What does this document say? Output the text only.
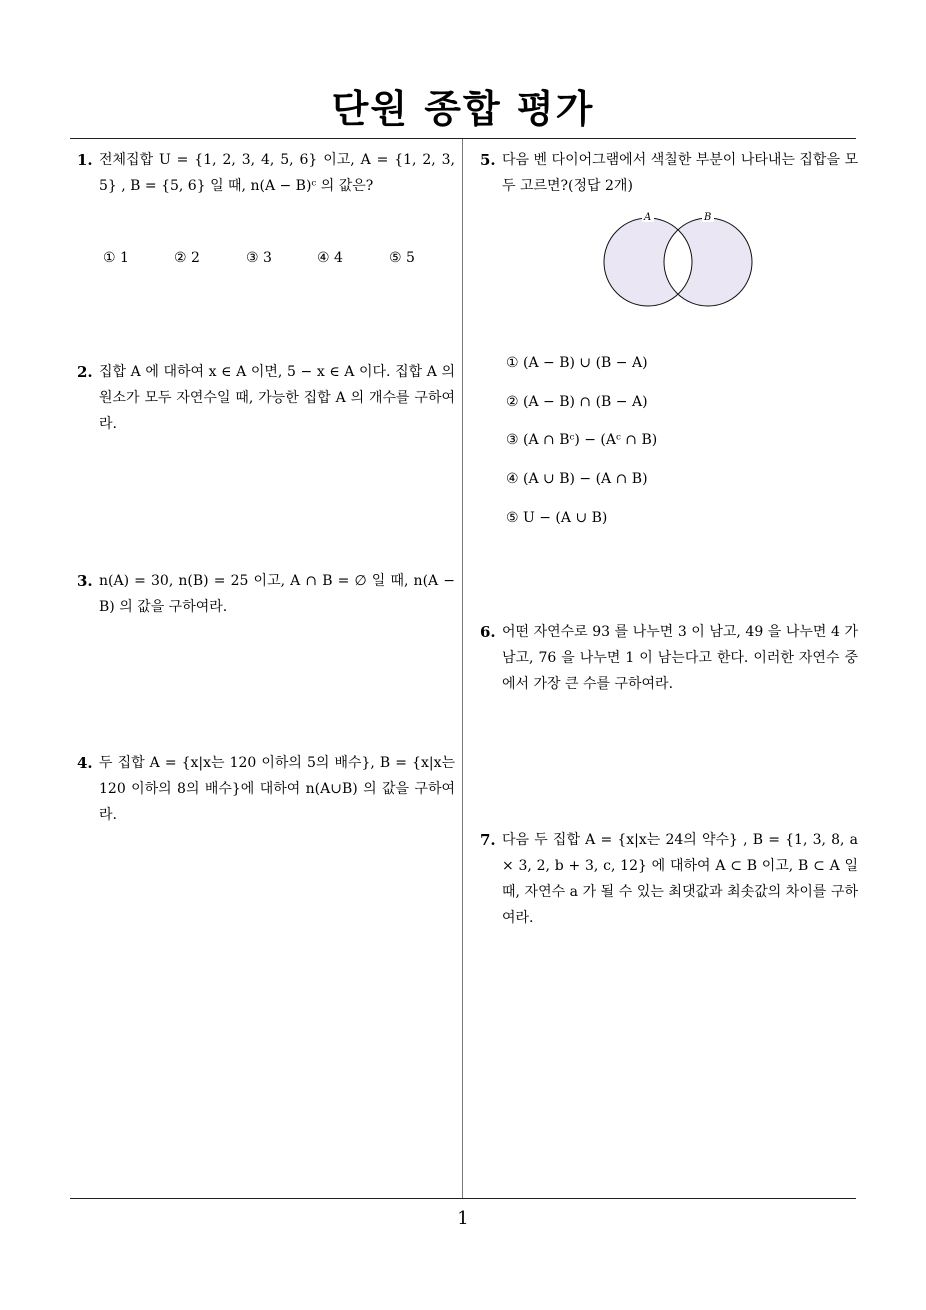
단원 종합 평가
1. 전체집합 U = {1, 2, 3, 4, 5, 6} 이고, A = {1, 2, 3, 5} , B = {5, 6} 일 때, n(A − B)ᶜ 의 값은?
① 1	② 2	③ 3	④ 4	⑤ 5
2. 집합 A 에 대하여 x ∈ A 이면, 5 − x ∈ A 이다. 집합 A 의 원소가 모두 자연수일 때, 가능한 집합 A 의 개수를 구하여라.
3. n(A) = 30, n(B) = 25 이고, A ∩ B = ∅ 일 때, n(A − B) 의 값을 구하여라.
4. 두 집합 A = {x|x는 120 이하의 5의 배수}, B = {x|x는 120 이하의 8의 배수}에 대하여 n(A∪B) 의 값을 구하여라.
5. 다음 벤 다이어그램에서 색칠한 부분이 나타내는 집합을 모두 고르면?(정답 2개)
A	B
① (A − B) ∪ (B − A)
② (A − B) ∩ (B − A)
③ (A ∩ Bᶜ) − (Aᶜ ∩ B)
④ (A ∪ B) − (A ∩ B)
⑤ U − (A ∪ B)
6. 어떤 자연수로 93 를 나누면 3 이 남고, 49 을 나누면 4 가 남고, 76 을 나누면 1 이 남는다고 한다. 이러한 자연수 중에서 가장 큰 수를 구하여라.
7. 다음 두 집합 A = {x|x는 24의 약수} , B = {1, 3, 8, a × 3, 2, b + 3, c, 12} 에 대하여 A ⊂ B 이고, B ⊂ A 일 때, 자연수 a 가 될 수 있는 최댓값과 최솟값의 차이를 구하여라.
1
